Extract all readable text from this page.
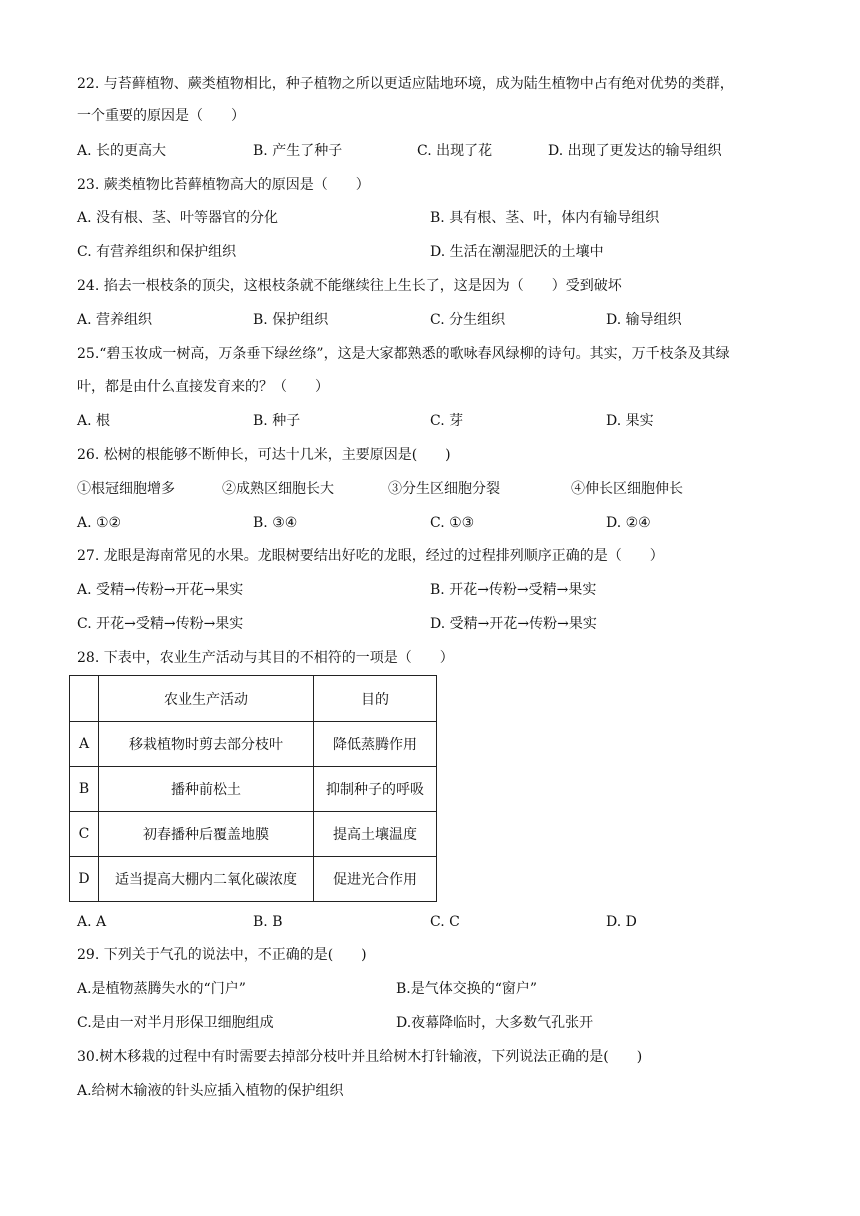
22. 与苔藓植物、蕨类植物相比，种子植物之所以更适应陆地环境，成为陆生植物中占有绝对优势的类群，
一个重要的原因是（　　）
A. 长的更高大	B. 产生了种子	C. 出现了花	D. 出现了更发达的输导组织
23. 蕨类植物比苔藓植物高大的原因是（　　）
A. 没有根、茎、叶等器官的分化	B. 具有根、茎、叶，体内有输导组织
C. 有营养组织和保护组织	D. 生活在潮湿肥沃的土壤中
24. 掐去一根枝条的顶尖，这根枝条就不能继续往上生长了，这是因为（　　）受到破坏
A. 营养组织	B. 保护组织	C. 分生组织	D. 输导组织
25.“碧玉妆成一树高，万条垂下绿丝绦”，这是大家都熟悉的歌咏春风绿柳的诗句。其实，万千枝条及其绿
叶，都是由什么直接发育来的？（　　）
A. 根	B. 种子	C. 芽	D. 果实
26. 松树的根能够不断伸长，可达十几米，主要原因是(　　)
①根冠细胞增多	②成熟区细胞长大	③分生区细胞分裂	④伸长区细胞伸长
A. ①②	B. ③④	C. ①③	D. ②④
27. 龙眼是海南常见的水果。龙眼树要结出好吃的龙眼，经过的过程排列顺序正确的是（　　）
A. 受精→传粉→开花→果实	B. 开花→传粉→受精→果实
C. 开花→受精→传粉→果实	D. 受精→开花→传粉→果实
28. 下表中，农业生产活动与其目的不相符的一项是（　　）
	农业生产活动	目的
A	移栽植物时剪去部分枝叶	降低蒸腾作用
B	播种前松土	抑制种子的呼吸
C	初春播种后覆盖地膜	提高土壤温度
D	适当提高大棚内二氧化碳浓度	促进光合作用
A. A	B. B	C. C	D. D
29. 下列关于气孔的说法中，不正确的是(　　)
A.是植物蒸腾失水的“门户”	B.是气体交换的“窗户”
C.是由一对半月形保卫细胞组成	D.夜幕降临时，大多数气孔张开
30.树木移栽的过程中有时需要去掉部分枝叶并且给树木打针输液，下列说法正确的是(　　)
A.给树木输液的针头应插入植物的保护组织
